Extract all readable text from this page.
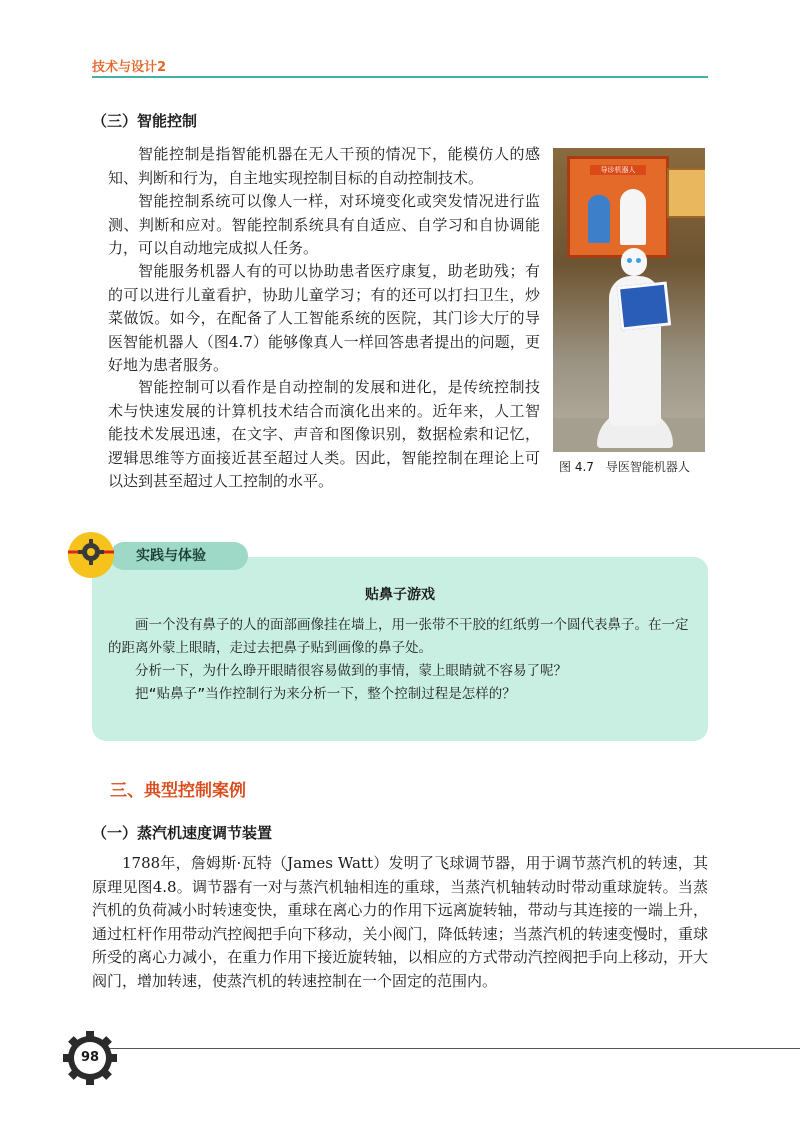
技术与设计2
（三）智能控制

智能控制是指智能机器在无人干预的情况下，能模仿人的感知、判断和行为，自主地实现控制目标的自动控制技术。

智能控制系统可以像人一样，对环境变化或突发情况进行监测、判断和应对。智能控制系统具有自适应、自学习和自协调能力，可以自动地完成拟人任务。

智能服务机器人有的可以协助患者医疗康复，助老助残；有的可以进行儿童看护，协助儿童学习；有的还可以打扫卫生，炒菜做饭。如今，在配备了人工智能系统的医院，其门诊大厅的导医智能机器人（图4.7）能够像真人一样回答患者提出的问题，更好地为患者服务。

智能控制可以看作是自动控制的发展和进化，是传统控制技术与快速发展的计算机技术结合而演化出来的。近年来，人工智能技术发展迅速，在文字、声音和图像识别，数据检索和记忆，逻辑思维等方面接近甚至超过人类。因此，智能控制在理论上可以达到甚至超过人工控制的水平。

导诊机器人
图 4.7 导医智能机器人
实践与体验
贴鼻子游戏

画一个没有鼻子的人的面部画像挂在墙上，用一张带不干胶的红纸剪一个圆代表鼻子。在一定的距离外蒙上眼睛，走过去把鼻子贴到画像的鼻子处。

分析一下，为什么睁开眼睛很容易做到的事情，蒙上眼睛就不容易了呢？

把“贴鼻子”当作控制行为来分析一下，整个控制过程是怎样的？

三、典型控制案例
（一）蒸汽机速度调节装置

1788年，詹姆斯·瓦特（James Watt）发明了飞球调节器，用于调节蒸汽机的转速，其原理见图4.8。调节器有一对与蒸汽机轴相连的重球，当蒸汽机轴转动时带动重球旋转。当蒸汽机的负荷减小时转速变快，重球在离心力的作用下远离旋转轴，带动与其连接的一端上升，通过杠杆作用带动汽控阀把手向下移动，关小阀门，降低转速；当蒸汽机的转速变慢时，重球所受的离心力减小，在重力作用下接近旋转轴，以相应的方式带动汽控阀把手向上移动，开大阀门，增加转速，使蒸汽机的转速控制在一个固定的范围内。

98
